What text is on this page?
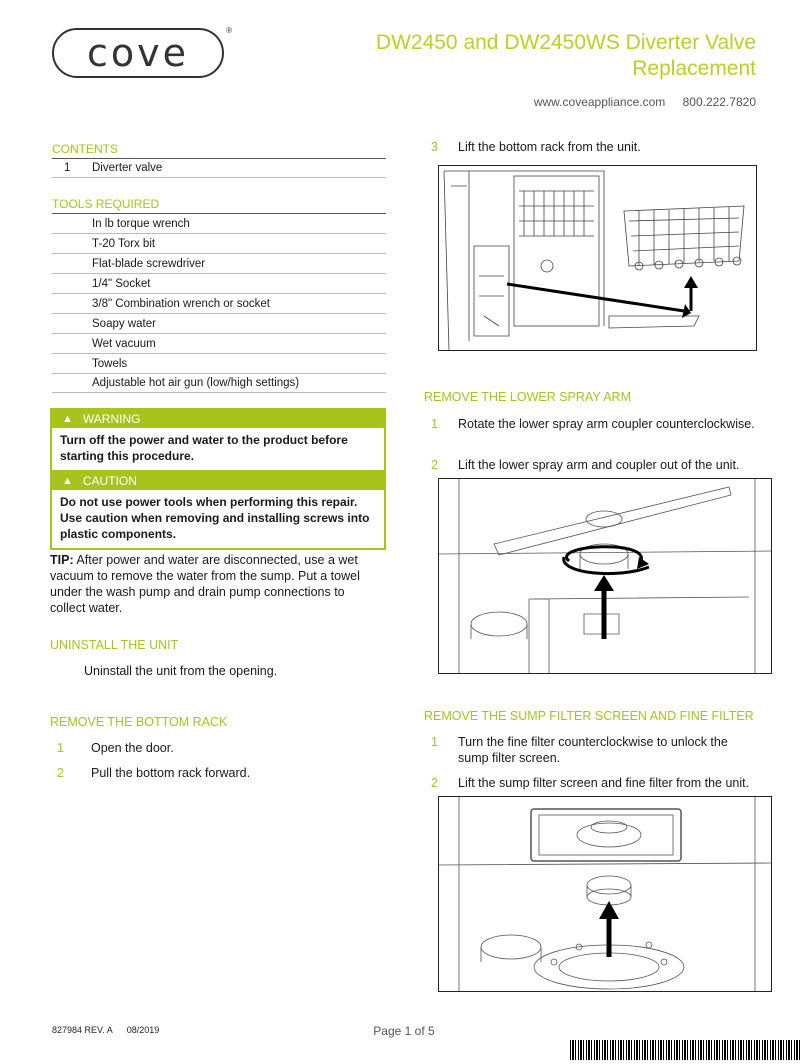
cove
®
DW2450 and DW2450WS Diverter Valve Replacement
www.coveappliance.com 800.222.7820
CONTENTS
1	Diverter valve
TOOLS REQUIRED
In lb torque wrench
T-20 Torx bit
Flat-blade screwdriver
1/4" Socket
3/8" Combination wrench or socket
Soapy water
Wet vacuum
Towels
Adjustable hot air gun (low/high settings)
▲ WARNING
Turn off the power and water to the product before starting this procedure.
▲ CAUTION
Do not use power tools when performing this repair. Use caution when removing and installing screws into plastic components.
TIP: After power and water are disconnected, use a wet vacuum to remove the water from the sump. Put a towel under the wash pump and drain pump connections to collect water.
UNINSTALL THE UNIT
Uninstall the unit from the opening.
REMOVE THE BOTTOM RACK
1 Open the door.
2 Pull the bottom rack forward.
3 Lift the bottom rack from the unit.
REMOVE THE LOWER SPRAY ARM
1 Rotate the lower spray arm coupler counterclockwise.
2 Lift the lower spray arm and coupler out of the unit.
REMOVE THE SUMP FILTER SCREEN AND FINE FILTER
1 Turn the fine filter counterclockwise to unlock the sump filter screen.
2 Lift the sump filter screen and fine filter from the unit.
827984 REV. A 08/2019	Page 1 of 5
